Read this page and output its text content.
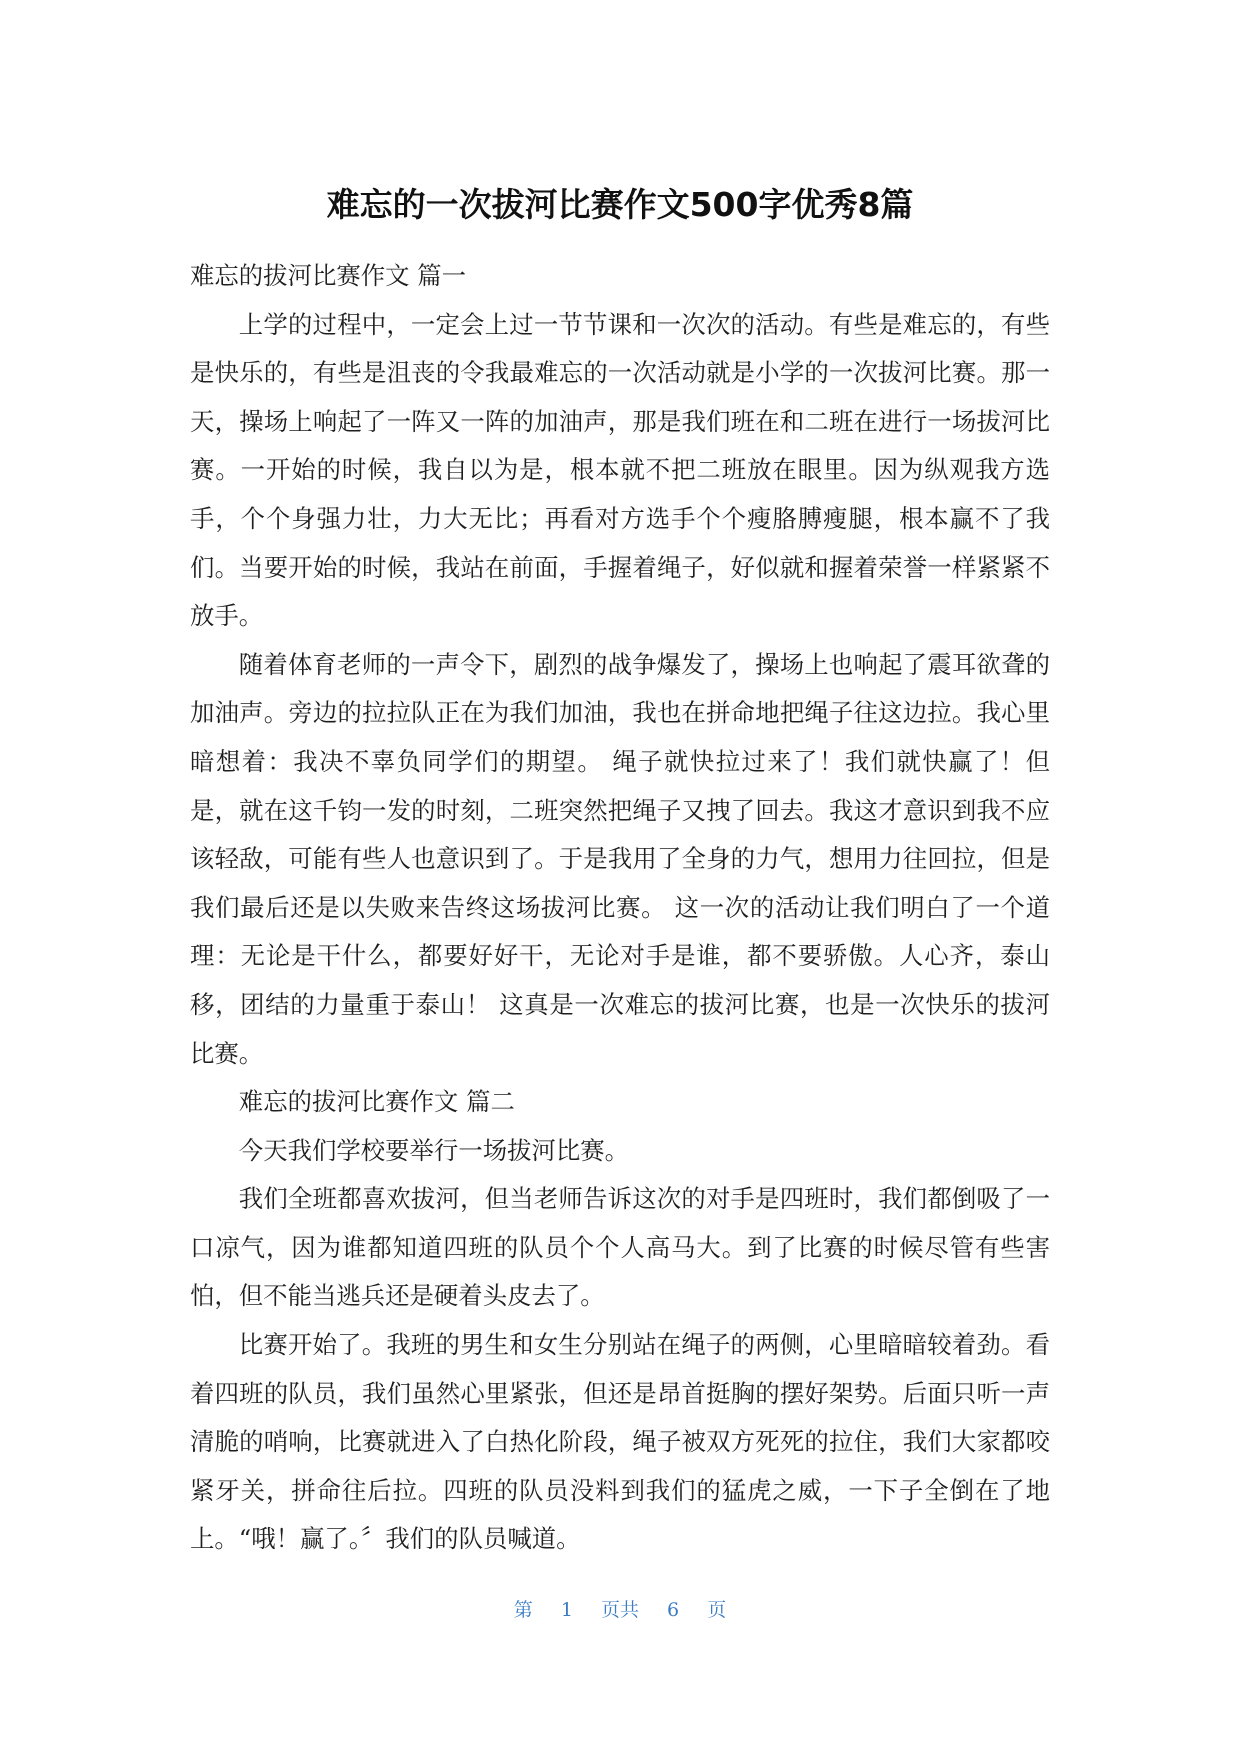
难忘的一次拔河比赛作文500字优秀8篇

难忘的拔河比赛作文 篇一

上学的过程中，一定会上过一节节课和一次次的活动。有些是难忘的，有些是快乐的，有些是沮丧的令我最难忘的一次活动就是小学的一次拔河比赛。那一天，操场上响起了一阵又一阵的加油声，那是我们班在和二班在进行一场拔河比赛。一开始的时候，我自以为是，根本就不把二班放在眼里。因为纵观我方选手，个个身强力壮，力大无比；再看对方选手个个瘦胳膊瘦腿，根本赢不了我们。当要开始的时候，我站在前面，手握着绳子，好似就和握着荣誉一样紧紧不放手。

随着体育老师的一声令下，剧烈的战争爆发了，操场上也响起了震耳欲聋的加油声。旁边的拉拉队正在为我们加油，我也在拼命地把绳子往这边拉。我心里暗想着：我决不辜负同学们的期望。 绳子就快拉过来了！我们就快赢了！但是，就在这千钧一发的时刻，二班突然把绳子又拽了回去。我这才意识到我不应该轻敌，可能有些人也意识到了。于是我用了全身的力气，想用力往回拉，但是我们最后还是以失败来告终这场拔河比赛。 这一次的活动让我们明白了一个道理：无论是干什么，都要好好干，无论对手是谁，都不要骄傲。人心齐，泰山移，团结的力量重于泰山！ 这真是一次难忘的拔河比赛，也是一次快乐的拔河比赛。

难忘的拔河比赛作文 篇二

今天我们学校要举行一场拔河比赛。

我们全班都喜欢拔河，但当老师告诉这次的对手是四班时，我们都倒吸了一口凉气，因为谁都知道四班的队员个个人高马大。到了比赛的时候尽管有些害怕，但不能当逃兵还是硬着头皮去了。

比赛开始了。我班的男生和女生分别站在绳子的两侧，心里暗暗较着劲。看着四班的队员，我们虽然心里紧张，但还是昂首挺胸的摆好架势。后面只听一声清脆的哨响，比赛就进入了白热化阶段，绳子被双方死死的拉住，我们大家都咬紧牙关，拼命往后拉。四班的队员没料到我们的猛虎之威，一下子全倒在了地上。“哦！赢了。〞我们的队员喊道。

第 1 页共 6 页
